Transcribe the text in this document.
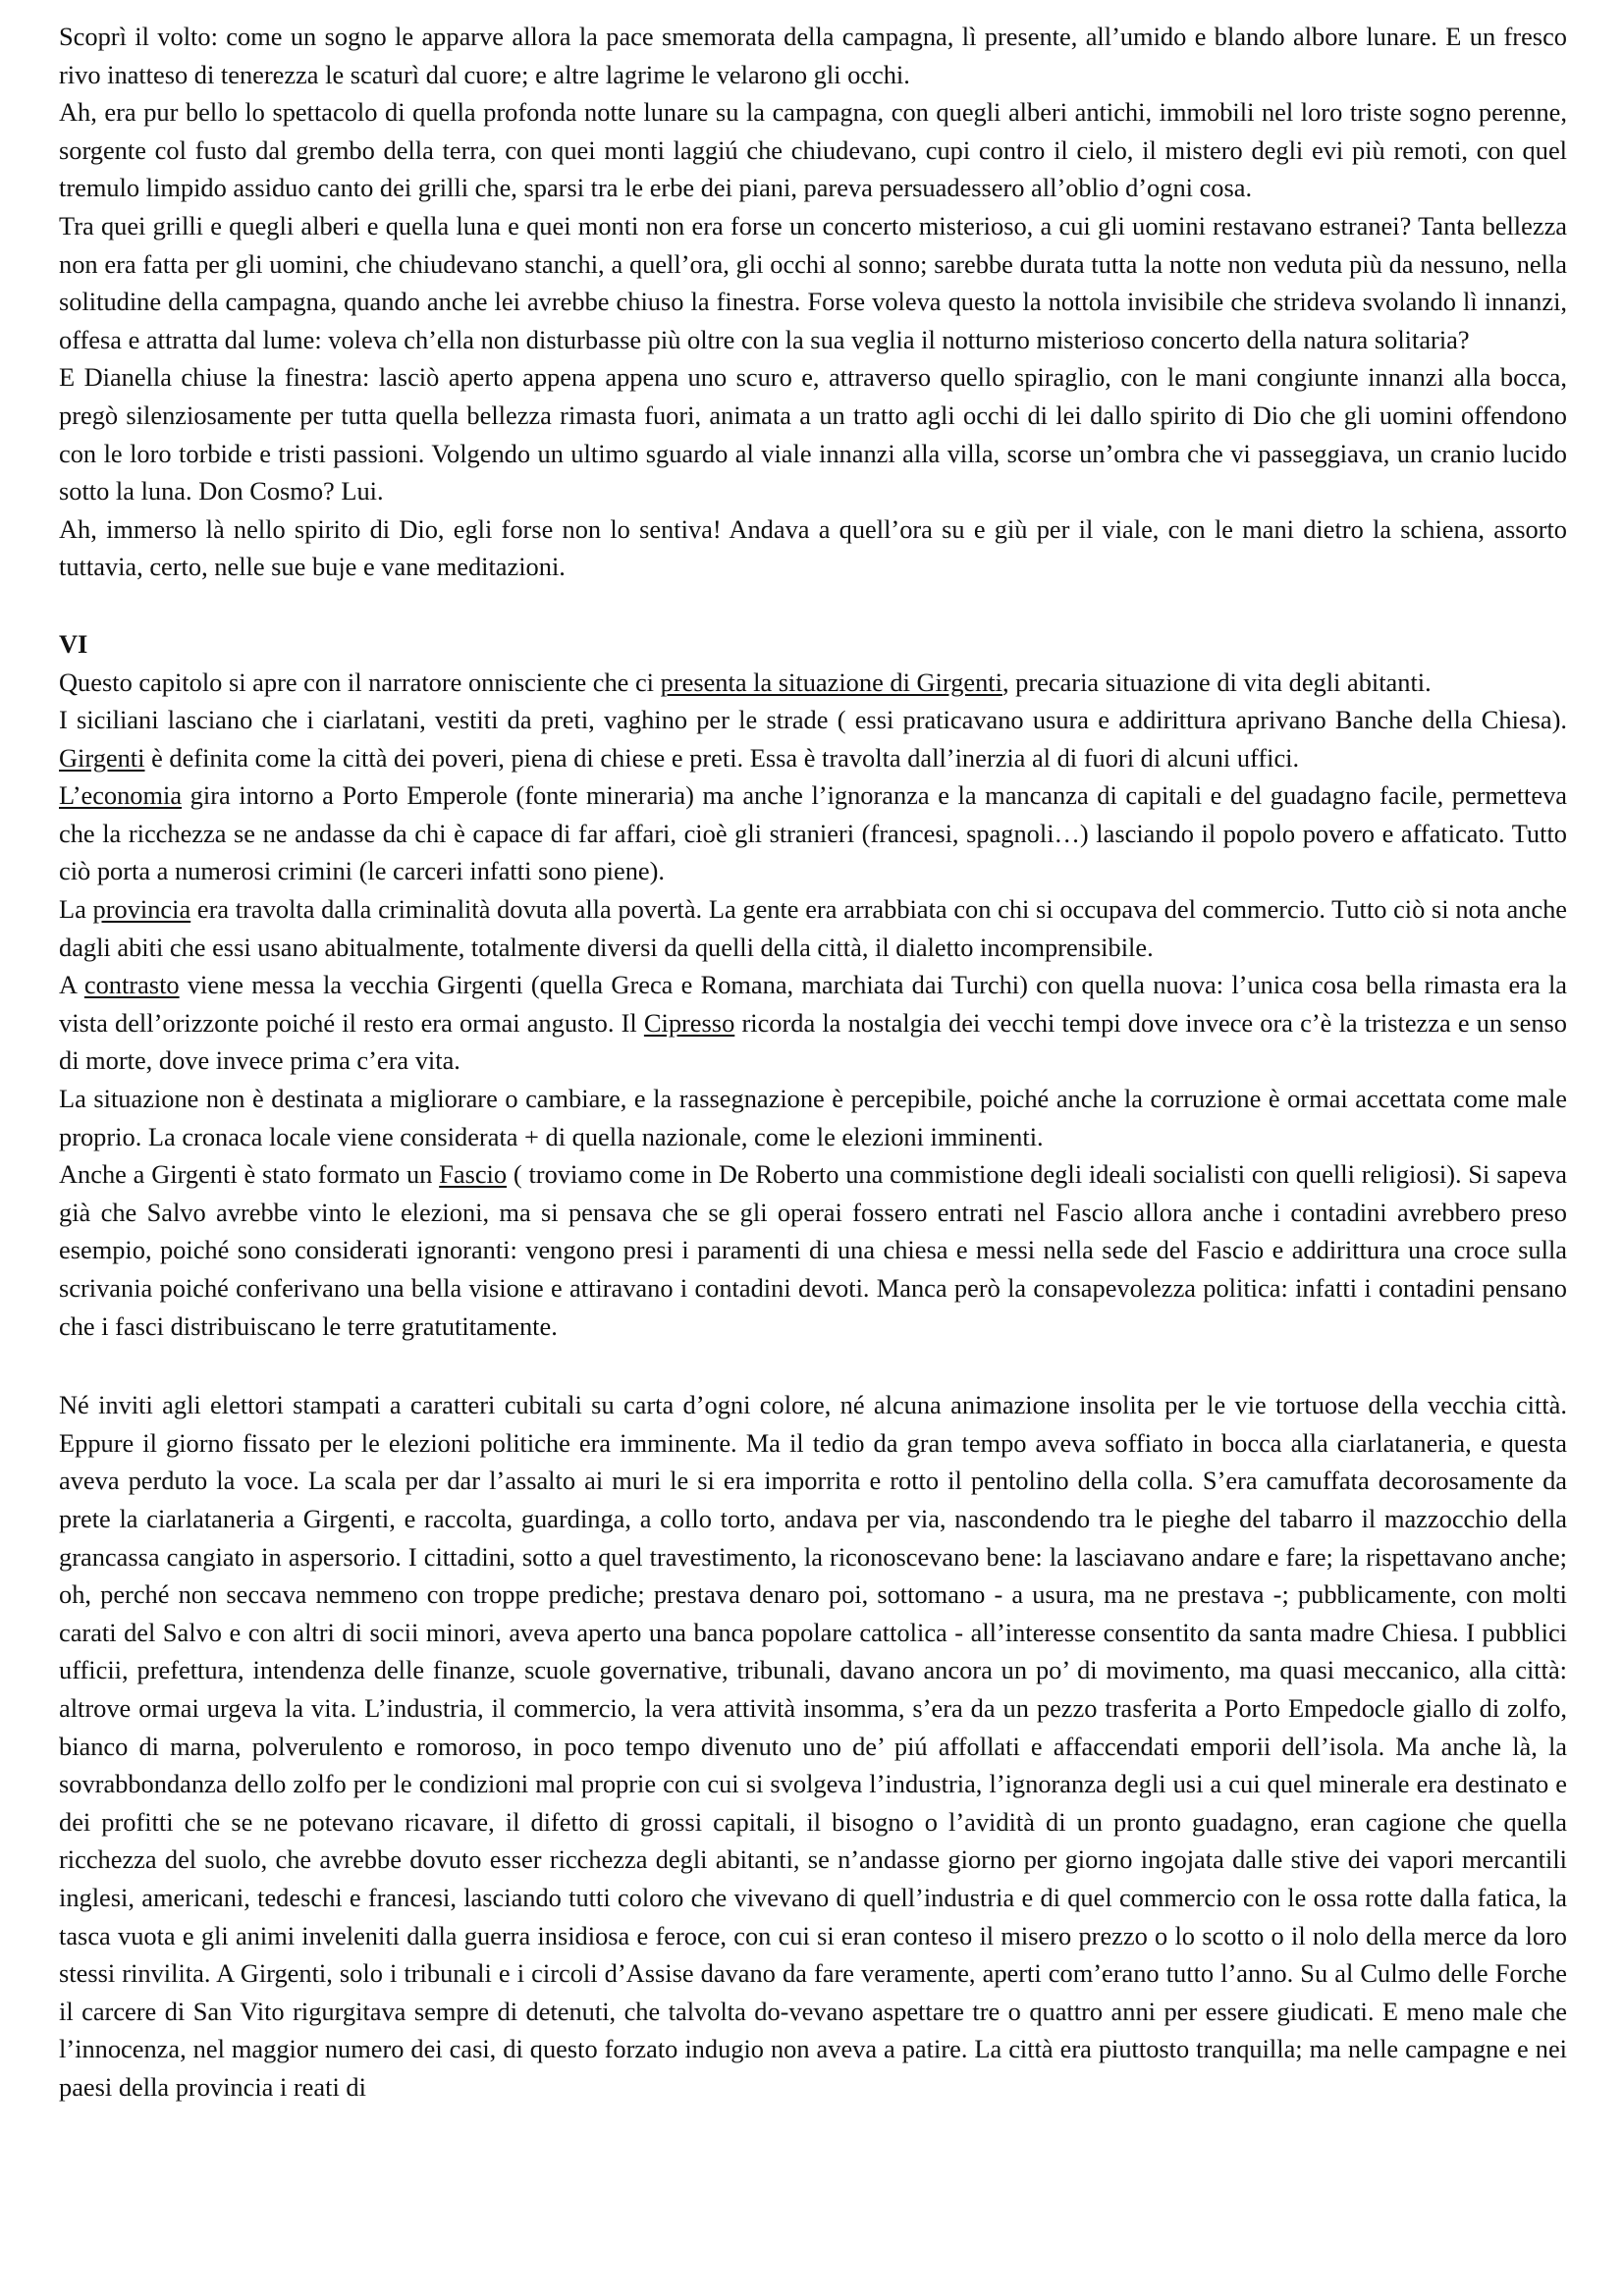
Scoprì il volto: come un sogno le apparve allora la pace smemorata della campagna, lì presente, all’umido e blando albore lunare. E un fresco rivo inatteso di tenerezza le scaturì dal cuore; e altre lagrime le velarono gli occhi.

Ah, era pur bello lo spettacolo di quella profonda notte lunare su la campagna, con quegli alberi antichi, immobili nel loro triste sogno perenne, sorgente col fusto dal grembo della terra, con quei monti laggiú che chiudevano, cupi contro il cielo, il mistero degli evi più remoti, con quel tremulo limpido assiduo canto dei grilli che, sparsi tra le erbe dei piani, pareva persuadessero all’oblio d’ogni cosa.

Tra quei grilli e quegli alberi e quella luna e quei monti non era forse un concerto misterioso, a cui gli uomini restavano estranei? Tanta bellezza non era fatta per gli uomini, che chiudevano stanchi, a quell’ora, gli occhi al sonno; sarebbe durata tutta la notte non veduta più da nessuno, nella solitudine della campagna, quando anche lei avrebbe chiuso la finestra. Forse voleva questo la nottola invisibile che strideva svolando lì innanzi, offesa e attratta dal lume: voleva ch’ella non disturbasse più oltre con la sua veglia il notturno misterioso concerto della natura solitaria?

E Dianella chiuse la finestra: lasciò aperto appena appena uno scuro e, attraverso quello spiraglio, con le mani congiunte innanzi alla bocca, pregò silenziosamente per tutta quella bellezza rimasta fuori, animata a un tratto agli occhi di lei dallo spirito di Dio che gli uomini offendono con le loro torbide e tristi passioni. Volgendo un ultimo sguardo al viale innanzi alla villa, scorse un’ombra che vi passeggiava, un cranio lucido sotto la luna. Don Cosmo? Lui.

Ah, immerso là nello spirito di Dio, egli forse non lo sentiva! Andava a quell’ora su e giù per il viale, con le mani dietro la schiena, assorto tuttavia, certo, nelle sue buje e vane meditazioni.

VI

Questo capitolo si apre con il narratore onnisciente che ci presenta la situazione di Girgenti, precaria situazione di vita degli abitanti.

I siciliani lasciano che i ciarlatani, vestiti da preti, vaghino per le strade ( essi praticavano usura e addirittura aprivano Banche della Chiesa). Girgenti è definita come la città dei poveri, piena di chiese e preti. Essa è travolta dall’inerzia al di fuori di alcuni uffici.

L’economia gira intorno a Porto Emperole (fonte mineraria) ma anche l’ignoranza e la mancanza di capitali e del guadagno facile, permetteva che la ricchezza se ne andasse da chi è capace di far affari, cioè gli stranieri (francesi, spagnoli…) lasciando il popolo povero e affaticato. Tutto ciò porta a numerosi crimini (le carceri infatti sono piene).

La provincia era travolta dalla criminalità dovuta alla povertà. La gente era arrabbiata con chi si occupava del commercio. Tutto ciò si nota anche dagli abiti che essi usano abitualmente, totalmente diversi da quelli della città, il dialetto incomprensibile.

A contrasto viene messa la vecchia Girgenti (quella Greca e Romana, marchiata dai Turchi) con quella nuova: l’unica cosa bella rimasta era la vista dell’orizzonte poiché il resto era ormai angusto. Il Cipresso ricorda la nostalgia dei vecchi tempi dove invece ora c’è la tristezza e un senso di morte, dove invece prima c’era vita.

La situazione non è destinata a migliorare o cambiare, e la rassegnazione è percepibile, poiché anche la corruzione è ormai accettata come male proprio. La cronaca locale viene considerata + di quella nazionale, come le elezioni imminenti.

Anche a Girgenti è stato formato un Fascio ( troviamo come in De Roberto una commistione degli ideali socialisti con quelli religiosi). Si sapeva già che Salvo avrebbe vinto le elezioni, ma si pensava che se gli operai fossero entrati nel Fascio allora anche i contadini avrebbero preso esempio, poiché sono considerati ignoranti: vengono presi i paramenti di una chiesa e messi nella sede del Fascio e addirittura una croce sulla scrivania poiché conferivano una bella visione e attiravano i contadini devoti. Manca però la consapevolezza politica: infatti i contadini pensano che i fasci distribuiscano le terre gratutitamente.

Né inviti agli elettori stampati a caratteri cubitali su carta d’ogni colore, né alcuna animazione insolita per le vie tortuose della vecchia città. Eppure il giorno fissato per le elezioni politiche era imminente. Ma il tedio da gran tempo aveva soffiato in bocca alla ciarlataneria, e questa aveva perduto la voce. La scala per dar l’assalto ai muri le si era imporrita e rotto il pentolino della colla. S’era camuffata decorosamente da prete la ciarlataneria a Girgenti, e raccolta, guardinga, a collo torto, andava per via, nascondendo tra le pieghe del tabarro il mazzocchio della grancassa cangiato in aspersorio. I cittadini, sotto a quel travestimento, la riconoscevano bene: la lasciavano andare e fare; la rispettavano anche; oh, perché non seccava nemmeno con troppe prediche; prestava denaro poi, sottomano - a usura, ma ne prestava -; pubblicamente, con molti carati del Salvo e con altri di socii minori, aveva aperto una banca popolare cattolica - all’interesse consentito da santa madre Chiesa. I pubblici ufficii, prefettura, intendenza delle finanze, scuole governative, tribunali, davano ancora un po’ di movimento, ma quasi meccanico, alla città: altrove ormai urgeva la vita. L’industria, il commercio, la vera attività insomma, s’era da un pezzo trasferita a Porto Empedocle giallo di zolfo, bianco di marna, polverulento e romoroso, in poco tempo divenuto uno de’ piú affollati e affaccendati emporii dell’isola. Ma anche là, la sovrabbondanza dello zolfo per le condizioni mal proprie con cui si svolgeva l’industria, l’ignoranza degli usi a cui quel minerale era destinato e dei profitti che se ne potevano ricavare, il difetto di grossi capitali, il bisogno o l’avidità di un pronto guadagno, eran cagione che quella ricchezza del suolo, che avrebbe dovuto esser ricchezza degli abitanti, se n’andasse giorno per giorno ingojata dalle stive dei vapori mercantili inglesi, americani, tedeschi e francesi, lasciando tutti coloro che vivevano di quell’industria e di quel commercio con le ossa rotte dalla fatica, la tasca vuota e gli animi inveleniti dalla guerra insidiosa e feroce, con cui si eran conteso il misero prezzo o lo scotto o il nolo della merce da loro stessi rinvilita. A Girgenti, solo i tribunali e i circoli d’Assise davano da fare veramente, aperti com’erano tutto l’anno. Su al Culmo delle Forche il carcere di San Vito rigurgitava sempre di detenuti, che talvolta do-vevano aspettare tre o quattro anni per essere giudicati. E meno male che l’innocenza, nel maggior numero dei casi, di questo forzato indugio non aveva a patire. La città era piuttosto tranquilla; ma nelle campagne e nei paesi della provincia i reati di
